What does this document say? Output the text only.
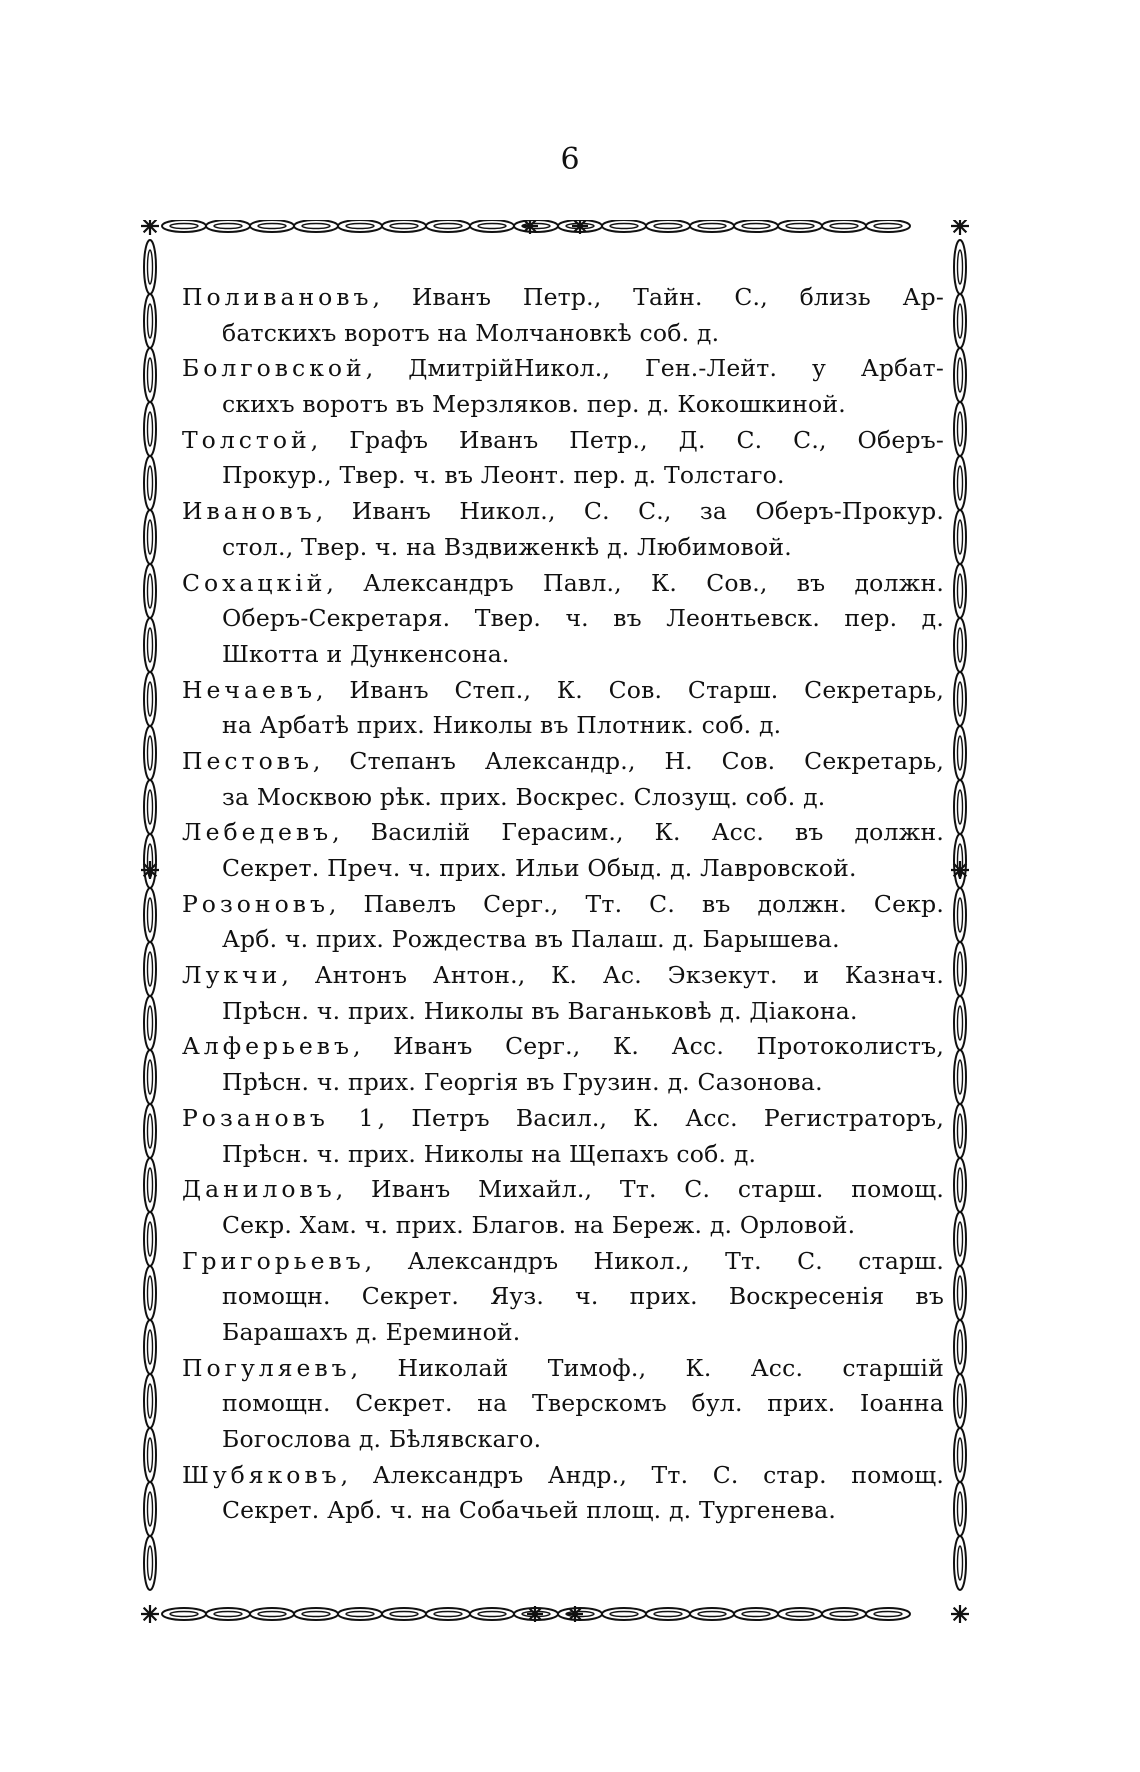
6
Поливановъ, Иванъ Петр., Тайн. С., близь Ар-
батскихъ воротъ на Молчановкѣ соб. д.
Болговской, ДмитрійНикол., Ген.-Лейт. у Арбат-
скихъ воротъ въ Мерзляков. пер. д. Кокошкиной.
Толстой, Графъ Иванъ Петр., Д. С. С., Оберъ-
Прокур., Твер. ч. въ Леонт. пер. д. Толстаго.
Ивановъ, Иванъ Никол., С. С., за Оберъ-Прокур.
стол., Твер. ч. на Вздвиженкѣ д. Любимовой.
Сохацкій, Александръ Павл., К. Сов., въ должн.
Оберъ-Секретаря. Твер. ч. въ Леонтьевск. пер. д.
Шкотта и Дункенсона.
Нечаевъ, Иванъ Степ., К. Сов. Старш. Секретарь,
на Арбатѣ прих. Николы въ Плотник. соб. д.
Пестовъ, Степанъ Александр., Н. Сов. Секретарь,
за Москвою рѣк. прих. Воскрес. Слозущ. соб. д.
Лебедевъ, Василій Герасим., К. Асс. въ должн.
Секрет. Преч. ч. прих. Ильи Обыд. д. Лавровской.
Розоновъ, Павелъ Серг., Тт. С. въ должн. Секр.
Арб. ч. прих. Рождества въ Палаш. д. Барышева.
Лукчи, Антонъ Антон., К. Ас. Экзекут. и Казнач.
Прѣсн. ч. прих. Николы въ Ваганьковѣ д. Діакона.
Алферьевъ, Иванъ Серг., К. Асс. Протоколистъ,
Прѣсн. ч. прих. Георгія въ Грузин. д. Сазонова.
Розановъ 1, Петръ Васил., К. Асс. Регистраторъ,
Прѣсн. ч. прих. Николы на Щепахъ соб. д.
Даниловъ, Иванъ Михайл., Тт. С. старш. помощ.
Секр. Хам. ч. прих. Благов. на Береж. д. Орловой.
Григорьевъ, Александръ Никол., Тт. С. старш.
помощн. Секрет. Яуз. ч. прих. Воскресенія въ
Барашахъ д. Ереминой.
Погуляевъ, Николай Тимоф., К. Асс. старшій
помощн. Секрет. на Тверскомъ бул. прих. Іоанна
Богослова д. Бѣлявскаго.
Шубяковъ, Александръ Андр., Тт. С. стар. помощ.
Секрет. Арб. ч. на Собачьей площ. д. Тургенева.
